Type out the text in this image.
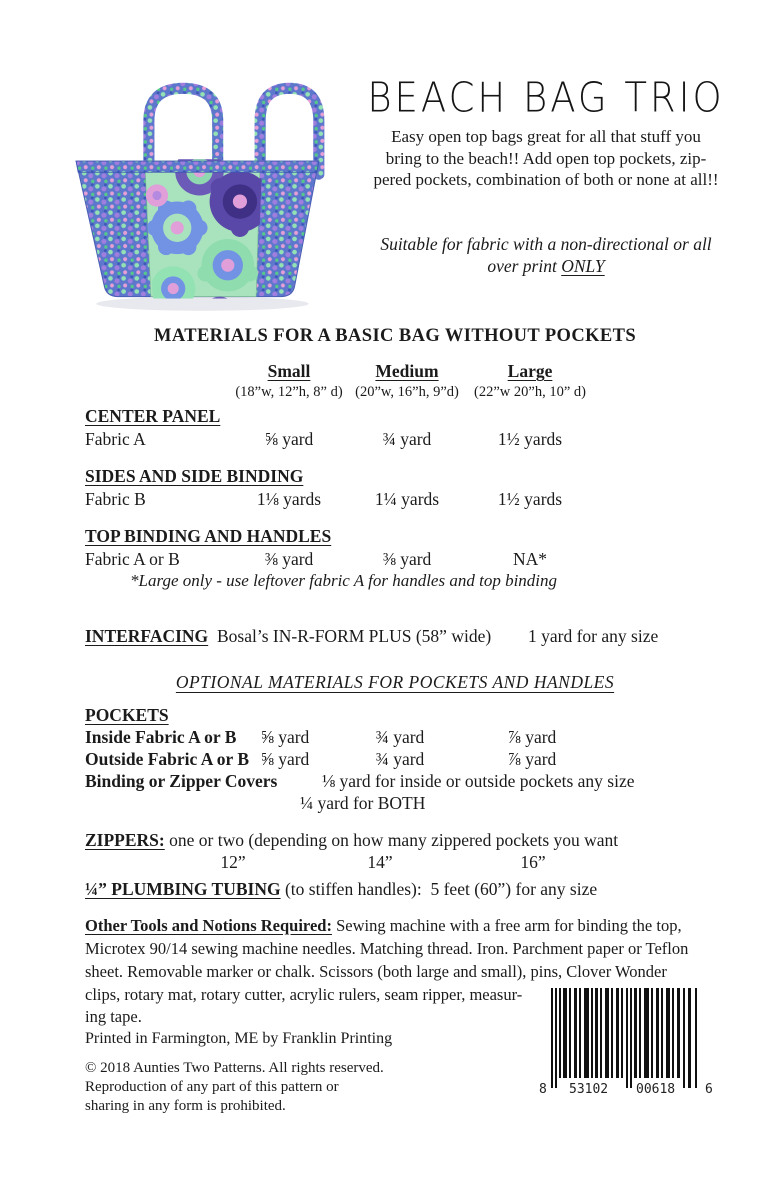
BEACH BAG TRIO
Easy open top bags great for all that stuff you
bring to the beach!! Add open top pockets, zip-
pered pockets, combination of both or none at all!!
Suitable for fabric with a non-directional or all
over print ONLY
MATERIALS FOR A BASIC BAG WITHOUT POCKETS
Small	Medium	Large
(18”w, 12”h, 8” d) (20”w, 16”h, 9”d) (22”w 20”h, 10” d)
CENTER PANEL
Fabric A	⅝ yard	¾ yard	1½ yards
SIDES AND SIDE BINDING
Fabric B	1⅛ yards	1¼ yards	1½ yards
TOP BINDING AND HANDLES
Fabric A or B	⅜ yard	⅜ yard	NA*
*Large only - use leftover fabric A for handles and top binding
INTERFACING Bosal’s IN-R-FORM PLUS (58” wide) 1 yard for any size
OPTIONAL MATERIALS FOR POCKETS AND HANDLES
POCKETS
Inside Fabric A or B ⅝ yard	¾ yard	⅞ yard
Outside Fabric A or B ⅝ yard	¾ yard	⅞ yard
Binding or Zipper Covers	⅛ yard for inside or outside pockets any size
¼ yard for BOTH
ZIPPERS: one or two (depending on how many zippered pockets you want
12”	14”	16”
¼” PLUMBING TUBING (to stiffen handles): 5 feet (60”) for any size
Other Tools and Notions Required: Sewing machine with a free arm for binding the top,
Microtex 90/14 sewing machine needles. Matching thread. Iron. Parchment paper or Teflon
sheet. Removable marker or chalk. Scissors (both large and small), pins, Clover Wonder
clips, rotary mat, rotary cutter, acrylic rulers, seam ripper, measur-
ing tape.
Printed in Farmington, ME by Franklin Printing
© 2018 Aunties Two Patterns. All rights reserved.
Reproduction of any part of this pattern or
sharing in any form is prohibited.
8 53102 00618 6
